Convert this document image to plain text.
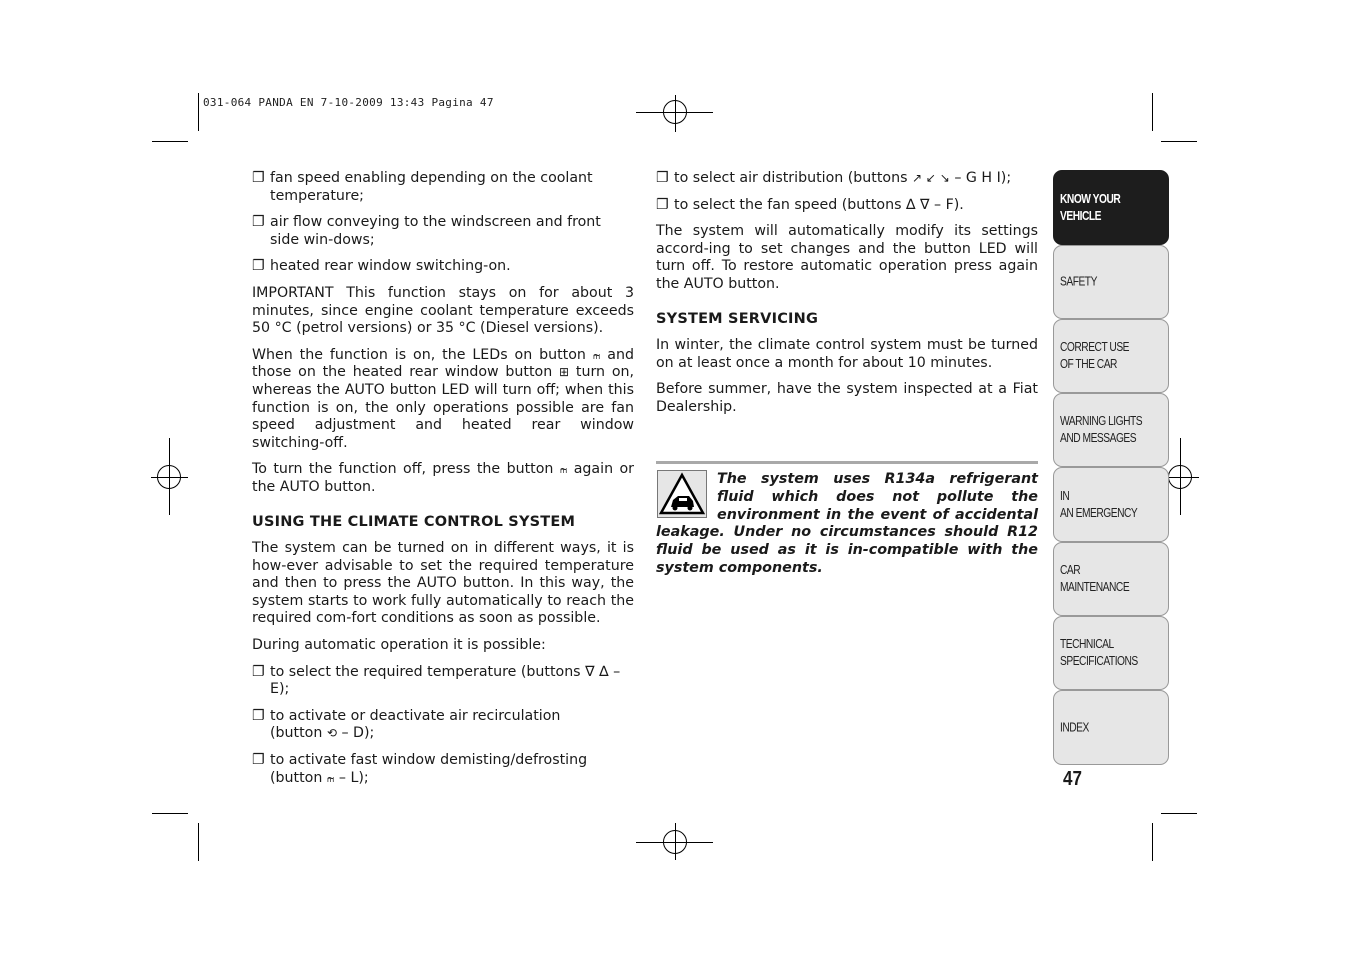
031-064 PANDA EN 7-10-2009 13:43 Pagina 47

❐ fan speed enabling depending on the coolant temperature;

❐ air flow conveying to the windscreen and front side win-dows;

❐ heated rear window switching-on.

IMPORTANT This function stays on for about 3 minutes, since engine coolant temperature exceeds 50 °C (petrol versions) or 35 °C (Diesel versions).

When the function is on, the LEDs on button ₘ̴ and those on the heated rear window button ⊞ turn on, whereas the AUTO button LED will turn off; when this function is on, the only operations possible are fan speed adjustment and heated rear window switching-off.

To turn the function off, press the button ₘ̴ again or the AUTO button.

USING THE CLIMATE CONTROL SYSTEM

The system can be turned on in different ways, it is how-ever advisable to set the required temperature and then to press the AUTO button. In this way, the system starts to work fully automatically to reach the required com-fort conditions as soon as possible.

During automatic operation it is possible:

❐ to select the required temperature (buttons ∇ ∆ – E);

❐ to activate or deactivate air recirculation
(button ⟲ – D);

❐ to activate fast window demisting/defrosting
(button ₘ̴ – L);

❐ to select air distribution (buttons ↗ ↙ ↘ – G H I);

❐ to select the fan speed (buttons ∆ ∇ – F).

The system will automatically modify its settings accord-ing to set changes and the button LED will turn off. To restore automatic operation press again the AUTO button.

SYSTEM SERVICING

In winter, the climate control system must be turned on at least once a month for about 10 minutes.

Before summer, have the system inspected at a Fiat Dealership.

The system uses R134a refrigerant fluid which does not pollute the environment in the event of accidental leakage. Under no circumstances should R12 fluid be used as it is in-compatible with the system components.
KNOW YOUR
VEHICLE
SAFETY
CORRECT USE
OF THE CAR
WARNING LIGHTS
AND MESSAGES
IN
AN EMERGENCY
CAR
MAINTENANCE
TECHNICAL
SPECIFICATIONS
INDEX
47
